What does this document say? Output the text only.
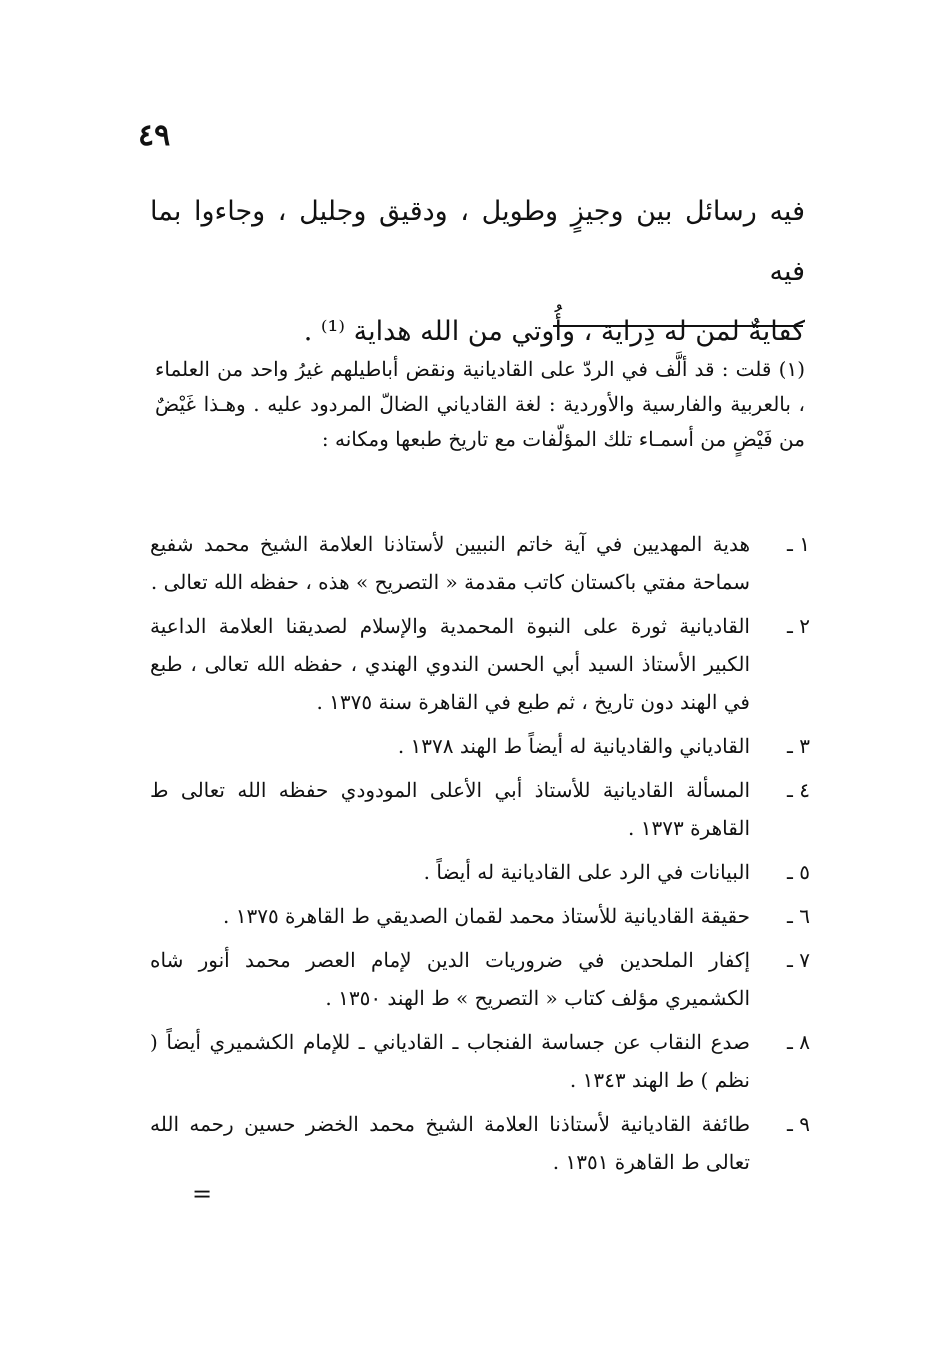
٤٩

فيه رسائل بين وجيزٍ وطويل ، ودقيق وجليل ، وجاءوا بما فيه

كفايةٌ لمن له دِراية ، وأُوتي من الله هداية ⁽¹⁾ .

(١) قلت : قد ألَّف في الردّ على القاديانية ونقض أباطيلهم غيرُ واحد من العلماء ، بالعربية والفارسية والأوردية : لغة القادياني الضالّ المردود عليه . وهـذا غَيْضٌ من فَيْضٍ من أسمـاء تلك المؤلّفات مع تاريخ طبعها ومكانه :

١ ـ
هدية المهديين في آية خاتم النبيين لأستاذنا العلامة الشيخ محمد شفيع سماحة مفتي باكستان كاتب مقدمة « التصريح » هذه ، حفظه الله تعالى .
٢ ـ
القاديانية ثورة على النبوة المحمدية والإسلام لصديقنا العلامة الداعية الكبير الأستاذ السيد أبي الحسن الندوي الهندي ، حفظه الله تعالى ، طبع في الهند دون تاريخ ، ثم طبع في القاهرة سنة ١٣٧٥ .
٣ ـ
القادياني والقاديانية له أيضاً ط الهند ١٣٧٨ .
٤ ـ
المسألة القاديانية للأستاذ أبي الأعلى المودودي حفظه الله تعالى ط القاهرة ١٣٧٣ .
٥ ـ
البيانات في الرد على القاديانية له أيضاً .
٦ ـ
حقيقة القاديانية للأستاذ محمد لقمان الصديقي ط القاهرة ١٣٧٥ .
٧ ـ
إكفار الملحدين في ضروريات الدين لإمام العصر محمد أنور شاه الكشميري مؤلف كتاب « التصريح » ط الهند ١٣٥٠ .
٨ ـ
صدع النقاب عن جساسة الفنجاب ـ القادياني ـ للإمام الكشميري أيضاً ( نظم ) ط الهند ١٣٤٣ .
٩ ـ
طائفة القاديانية لأستاذنا العلامة الشيخ محمد الخضر حسين رحمه الله تعالى ط القاهرة ١٣٥١ .
=
